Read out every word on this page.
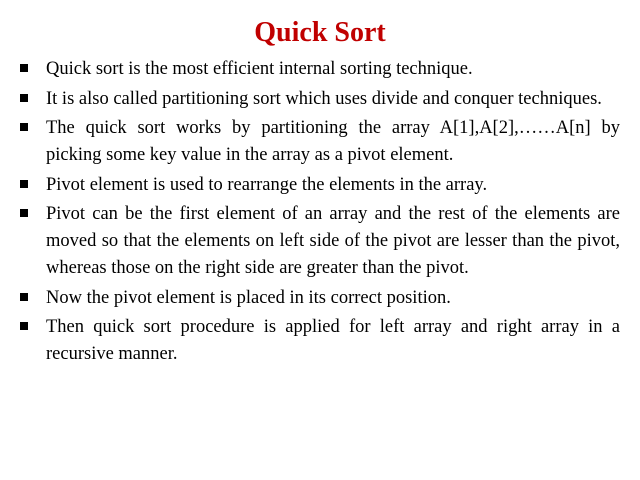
Quick Sort
Quick sort is the most efficient internal sorting technique.
It is also called partitioning sort which uses divide and conquer techniques.
The quick sort works by partitioning the array A[1],A[2],……A[n] by picking some key value in the array as a pivot element.
Pivot element is used to rearrange the elements in the array.
Pivot can be the first element of an array and the rest of the elements are moved so that the elements on left side of the pivot are lesser than the pivot, whereas those on the right side are greater than the pivot.
Now the pivot element is placed in its correct position.
Then quick sort procedure is applied for left array and right array in a recursive manner.
